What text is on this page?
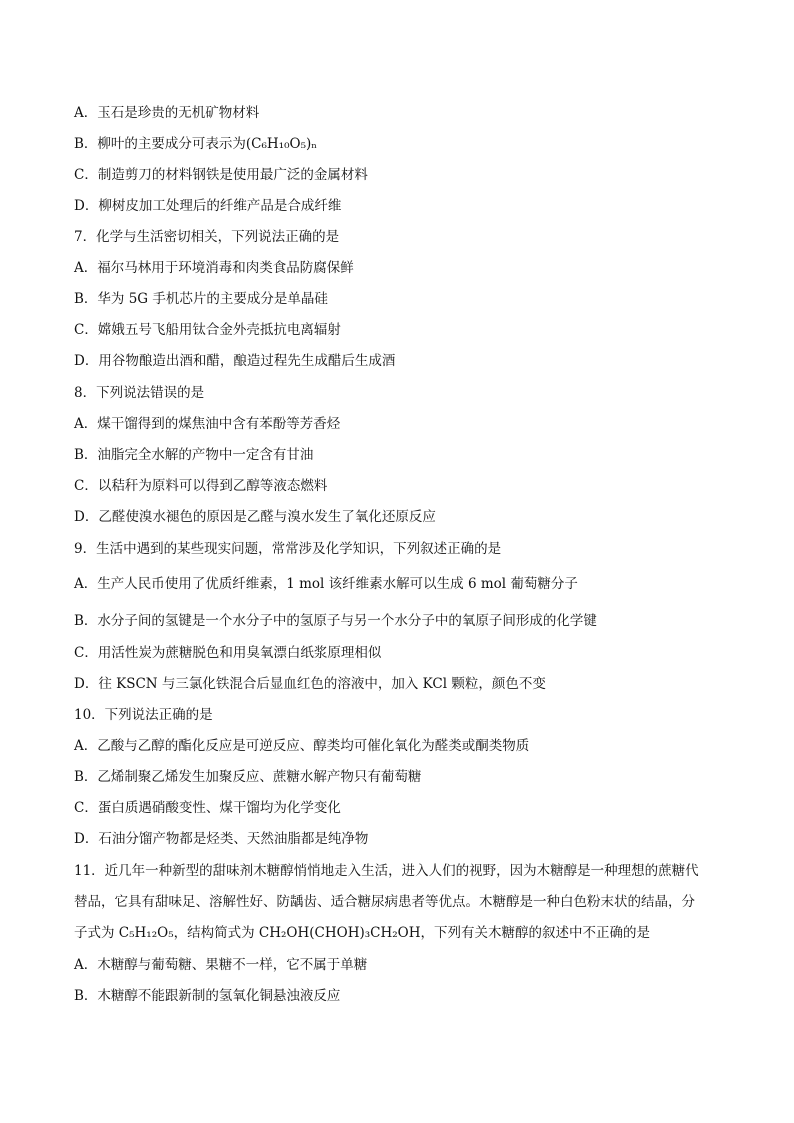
A．玉石是珍贵的无机矿物材料
B．柳叶的主要成分可表示为(C₆H₁₀O₅)ₙ
C．制造剪刀的材料钢铁是使用最广泛的金属材料
D．柳树皮加工处理后的纤维产品是合成纤维
7．化学与生活密切相关，下列说法正确的是
A．福尔马林用于环境消毒和肉类食品防腐保鲜
B．华为 5G 手机芯片的主要成分是单晶硅
C．嫦娥五号飞船用钛合金外壳抵抗电离辐射
D．用谷物酿造出酒和醋，酿造过程先生成醋后生成酒
8．下列说法错误的是
A．煤干馏得到的煤焦油中含有苯酚等芳香烃
B．油脂完全水解的产物中一定含有甘油
C．以秸秆为原料可以得到乙醇等液态燃料
D．乙醛使溴水褪色的原因是乙醛与溴水发生了氧化还原反应
9．生活中遇到的某些现实问题，常常涉及化学知识，下列叙述正确的是
A．生产人民币使用了优质纤维素，1 mol 该纤维素水解可以生成 6 mol 葡萄糖分子
B．水分子间的氢键是一个水分子中的氢原子与另一个水分子中的氧原子间形成的化学键
C．用活性炭为蔗糖脱色和用臭氧漂白纸浆原理相似
D．往 KSCN 与三氯化铁混合后显血红色的溶液中，加入 KCl 颗粒，颜色不变
10．下列说法正确的是
A．乙酸与乙醇的酯化反应是可逆反应、醇类均可催化氧化为醛类或酮类物质
B．乙烯制聚乙烯发生加聚反应、蔗糖水解产物只有葡萄糖
C．蛋白质遇硝酸变性、煤干馏均为化学变化
D．石油分馏产物都是烃类、天然油脂都是纯净物
11．近几年一种新型的甜味剂木糖醇悄悄地走入生活，进入人们的视野，因为木糖醇是一种理想的蔗糖代
替品，它具有甜味足、溶解性好、防龋齿、适合糖尿病患者等优点。木糖醇是一种白色粉末状的结晶，分
子式为 C₅H₁₂O₅，结构简式为 CH₂OH(CHOH)₃CH₂OH，下列有关木糖醇的叙述中不正确的是
A．木糖醇与葡萄糖、果糖不一样，它不属于单糖
B．木糖醇不能跟新制的氢氧化铜悬浊液反应
